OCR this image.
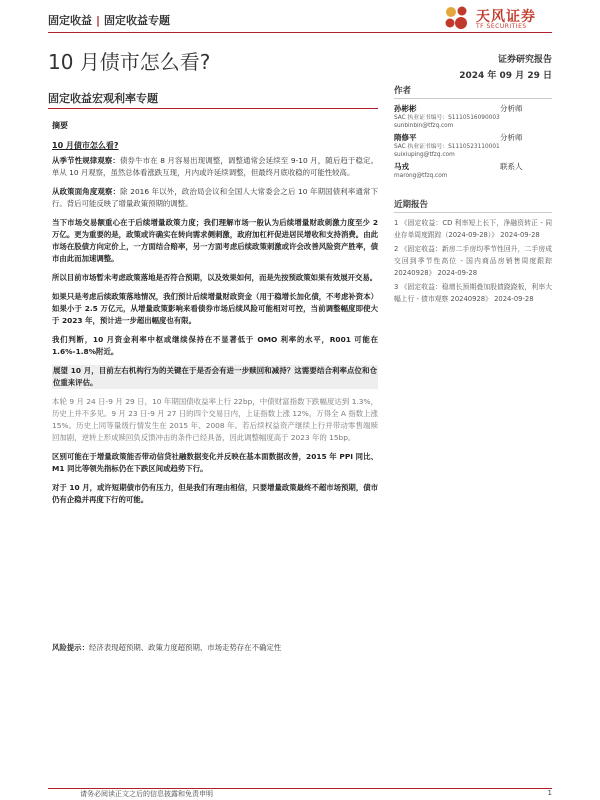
固定收益 | 固定收益专题	天风证券
TF SECURITIES
10 月债市怎么看?	证券研究报告
2024 年 09 月 29 日
固定收益宏观利率专题
摘要
10 月债市怎么看?

从季节性规律观察：债券牛市在 8 月容易出现调整，调整通常会延续至 9-10 月，随后趋于稳定。单从 10 月观察，虽然总体看涨跌互现，月内或许延续调整，但最终月底收稳的可能性较高。

从政策面角度观察：除 2016 年以外，政治局会议和全国人大常委会之后 10 年期国债利率通常下行。背后可能反映了增量政策预期的调整。

当下市场交易额重心在于后续增量政策力度；我们理解市场一般认为后续增量财政刺激力度至少 2 万亿。更为重要的是，政策或许确实在转向需求侧刺激，政府加杠杆促进居民增收和支持消费。由此市场在股债方向定价上，一方面结合赔率，另一方面考虑后续政策刺激或许会改善风险资产胜率，债市由此而加速调整。

所以目前市场暂未考虑政策落地是否符合预期，以及效果如何，而是先按预政策如果有效展开交易。

如果只是考虑后续政策落地情况，我们预计后续增量财政资金（用于稳增长加化债，不考虑补资本）如果小于 2.5 万亿元，从增量政策影响来看债券市场后续风险可能相对可控，当前调整幅度即使大于 2023 年，预计进一步超出幅度也有限。

我们判断，10 月资金利率中枢或继续保持在不显著低于 OMO 利率的水平，R001 可能在 1.6%-1.8%附近。

展望 10 月，目前左右机构行为的关键在于是否会有进一步赎回和减持？这需要结合利率点位和仓位重来评估。

本轮 9 月 24 日-9 月 29 日，10 年期国债收益率上行 22bp，中债财富指数下跌幅度达到 1.3%，历史上并不多见。9 月 23 日-9 月 27 日的四个交易日内，上证指数上涨 12%，万得全 A 指数上涨 15%。历史上同等量级行情发生在 2015 年、2008 年。若后续权益资产继续上行并带动零售端赎回加剧，逆转上形成赎回负反馈冲击的条件已经具备，因此调整幅度高于 2023 年的 15bp。

区别可能在于增量政策能否带动信贷社融数据变化并反映在基本面数据改善，2015 年 PPI 同比、M1 同比等领先指标仍在下跌区间或趋势下行。

对于 10 月，或许短期债市仍有压力，但是我们有理由相信，只要增量政策最终不超市场预期，债市仍有企稳并再度下行的可能。

风险提示：经济表现超预期、政策力度超预期、市场走势存在不确定性
作者
孙彬彬	分析师
SAC 执业证书编号：S1110516090003
sunbinbin@tfzq.com
隋修平	分析师
SAC 执业证书编号：S1110523110001
suixiuping@tfzq.com
马戎	联系人
marong@tfzq.com
近期报告
1 《固定收益：CD 利率短上长下，净融资转正 - 同业存单周度跟踪（2024-09-28）》 2024-09-28
2 《固定收益：新房二手房均季节性回升，二手房成交回到季节性高位 - 国内商品房销售周度跟踪 20240928》 2024-09-28
3 《固定收益：稳增长预期叠加股债跷跷板，利率大幅上行 - 债市观察 20240928》 2024-09-28
请务必阅读正文之后的信息披露和免责申明	1
